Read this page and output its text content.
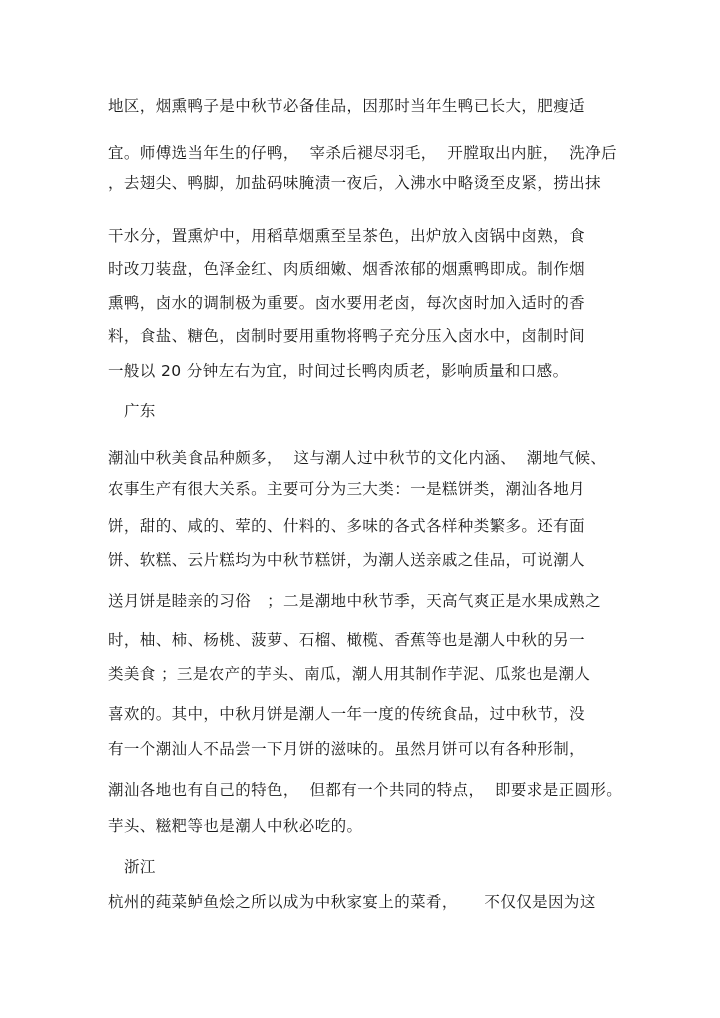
地区，烟熏鸭子是中秋节必备佳品，因那时当年生鸭已长大，肥瘦适
宜。师傅选当年生的仔鸭，  宰杀后褪尽羽毛，  开膛取出内脏，  洗净后
，去翅尖、鸭脚，加盐码味腌渍一夜后，入沸水中略烫至皮紧，捞出抹
干水分，置熏炉中，用稻草烟熏至呈茶色，出炉放入卤锅中卤熟，食
时改刀装盘，色泽金红、肉质细嫩、烟香浓郁的烟熏鸭即成。制作烟
熏鸭，卤水的调制极为重要。卤水要用老卤，每次卤时加入适时的香
料，食盐、糖色，卤制时要用重物将鸭子充分压入卤水中，卤制时间
一般以 20 分钟左右为宜，时间过长鸭肉质老，影响质量和口感。
广东
潮汕中秋美食品种颇多，  这与潮人过中秋节的文化内涵、  潮地气候、
农事生产有很大关系。主要可分为三大类：一是糕饼类，潮汕各地月
饼，甜的、咸的、荤的、什料的、多味的各式各样种类繁多。还有面
饼、软糕、云片糕均为中秋节糕饼，为潮人送亲戚之佳品，可说潮人
送月饼是睦亲的习俗   ；二是潮地中秋节季，天高气爽正是水果成熟之
时，柚、柿、杨桃、菠萝、石榴、橄榄、香蕉等也是潮人中秋的另一
类美食 ；三是农产的芋头、南瓜，潮人用其制作芋泥、瓜浆也是潮人
喜欢的。其中，中秋月饼是潮人一年一度的传统食品，过中秋节，没
有一个潮汕人不品尝一下月饼的滋味的。虽然月饼可以有各种形制，
潮汕各地也有自己的特色，  但都有一个共同的特点，  即要求是正圆形。
芋头、糍粑等也是潮人中秋必吃的。
浙江
杭州的莼菜鲈鱼烩之所以成为中秋家宴上的菜肴，     不仅仅是因为这
